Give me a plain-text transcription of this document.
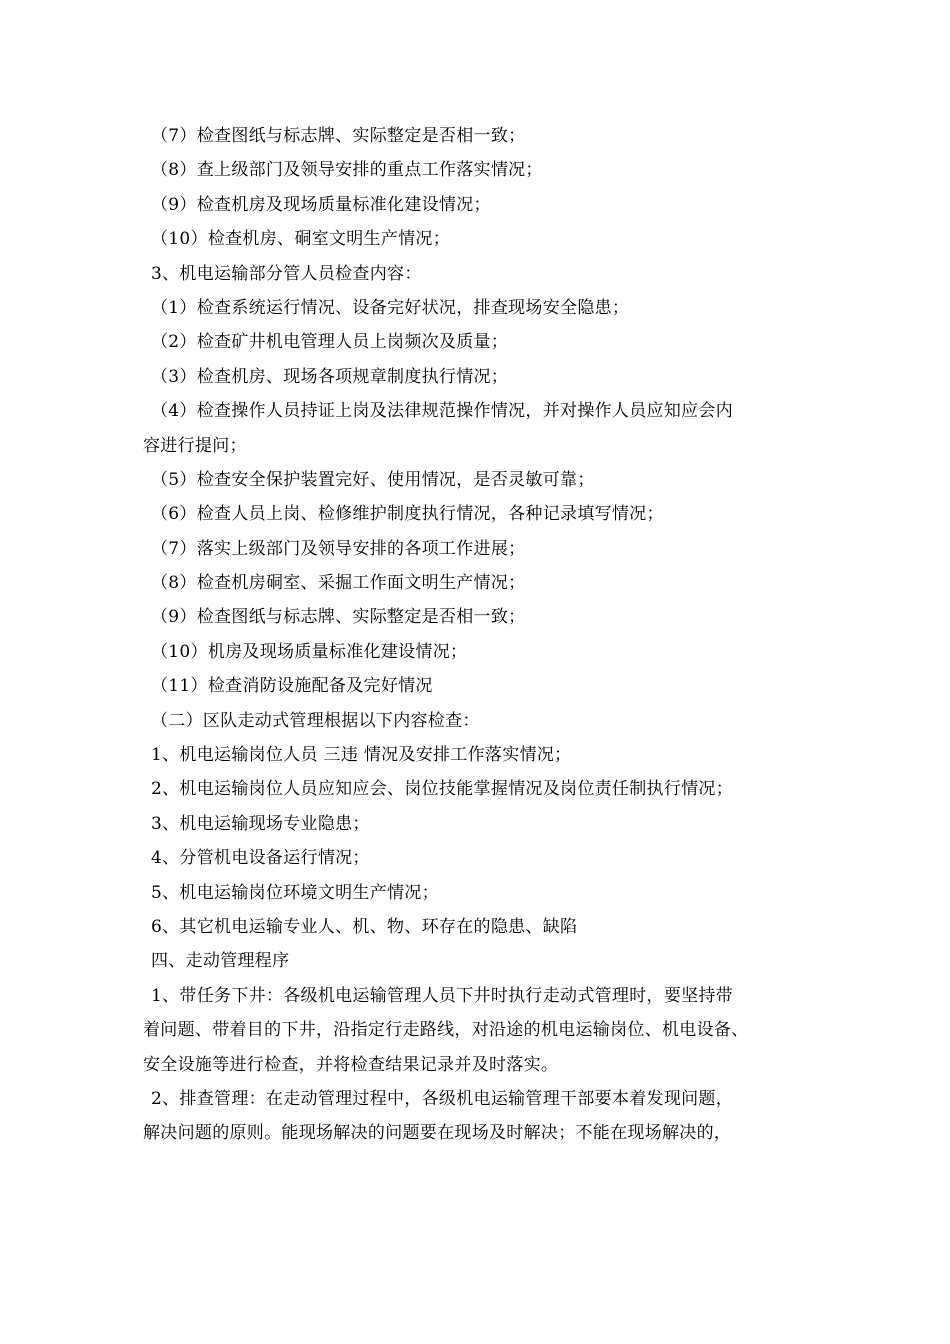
（7）检查图纸与标志牌、实际整定是否相一致；
（8）查上级部门及领导安排的重点工作落实情况；
（9）检查机房及现场质量标准化建设情况；
（10）检查机房、硐室文明生产情况；
3、机电运输部分管人员检查内容：
（1）检查系统运行情况、设备完好状况，排查现场安全隐患；
（2）检查矿井机电管理人员上岗频次及质量；
（3）检查机房、现场各项规章制度执行情况；
（4）检查操作人员持证上岗及法律规范操作情况，并对操作人员应知应会内
容进行提问；
（5）检查安全保护装置完好、使用情况，是否灵敏可靠；
（6）检查人员上岗、检修维护制度执行情况，各种记录填写情况；
（7）落实上级部门及领导安排的各项工作进展；
（8）检查机房硐室、采掘工作面文明生产情况；
（9）检查图纸与标志牌、实际整定是否相一致；
（10）机房及现场质量标准化建设情况；
（11）检查消防设施配备及完好情况
（二）区队走动式管理根据以下内容检查：
1、机电运输岗位人员 三违 情况及安排工作落实情况；
2、机电运输岗位人员应知应会、岗位技能掌握情况及岗位责任制执行情况；
3、机电运输现场专业隐患；
4、分管机电设备运行情况；
5、机电运输岗位环境文明生产情况；
6、其它机电运输专业人、机、物、环存在的隐患、缺陷
四、走动管理程序
1、带任务下井：各级机电运输管理人员下井时执行走动式管理时，要坚持带
着问题、带着目的下井，沿指定行走路线，对沿途的机电运输岗位、机电设备、
安全设施等进行检查，并将检查结果记录并及时落实。
2、排查管理：在走动管理过程中，各级机电运输管理干部要本着发现问题，
解决问题的原则。能现场解决的问题要在现场及时解决；不能在现场解决的，
